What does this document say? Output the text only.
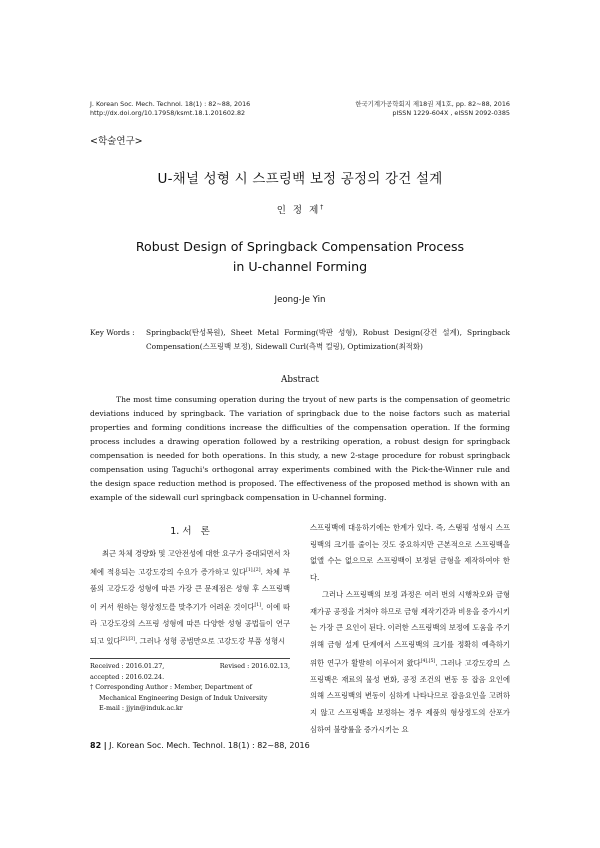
J. Korean Soc. Mech. Technol. 18(1) : 82~88, 2016
http://dx.doi.org/10.17958/ksmt.18.1.201602.82
한국기계가공학회지 제18권 제1호, pp. 82~88, 2016
pISSN 1229-604X , eISSN 2092-0385
<학술연구>
U-채널 성형 시 스프링백 보정 공정의 강건 설계
인 정 제†
Robust Design of Springback Compensation Process
in U-channel Forming
Jeong-Je Yin
Key Words :	Springback(탄성복원), Sheet Metal Forming(박판 성형), Robust Design(강건 설계), Springback Compensation(스프링백 보정), Sidewall Curl(측벽 컬링), Optimization(최적화)
Abstract

The most time consuming operation during the tryout of new parts is the compensation of geometric deviations induced by springback. The variation of springback due to the noise factors such as material properties and forming conditions increase the difficulties of the compensation operation. If the forming process includes a drawing operation followed by a restriking operation, a robust design for springback compensation is needed for both operations. In this study, a new 2-stage procedure for robust springback compensation using Taguchi's orthogonal array experiments combined with the Pick-the-Winner rule and the design space reduction method is proposed. The effectiveness of the proposed method is shown with an example of the sidewall curl springback compensation in U-channel forming.

1. 서   론

최근 차체 경량화 및 고안전성에 대한 요구가 증대되면서 차체에 적용되는 고강도강의 수요가 증가하고 있다[1],[2]. 차체 부품의 고강도강 성형에 따른 가장 큰 문제점은 성형 후 스프링백이 커서 원하는 형상정도를 맞추기가 어려운 것이다[1]. 이에 따라 고강도강의 스프링 성형에 따른 다양한 성형 공법들이 연구되고 있다[2],[3]. 그러나 성형 공법만으로 고강도강 부품 성형시

Received : 2016.01.27,	Revised : 2016.02.13,
accepted : 2016.02.24.
† Corresponding Author : Member, Department of
Mechanical Engineering Design of Induk University
E-mail : jjyin@induk.ac.kr

스프링백에 대응하기에는 한계가 있다. 즉, 스탬핑 성형시 스프링백의 크기를 줄이는 것도 중요하지만 근본적으로 스프링백을 없앨 수는 없으므로 스프링백이 보정된 금형을 제작하여야 한다.

그러나 스프링백의 보정 과정은 여러 번의 시행착오와 금형 재가공 공정을 거쳐야 하므로 금형 제작기간과 비용을 증가시키는 가장 큰 요인이 된다. 이러한 스프링백의 보정에 도움을 주기 위해 금형 설계 단계에서 스프링백의 크기를 정확히 예측하기 위한 연구가 활발히 이루어져 왔다[4],[5]. 그러나 고강도강의 스프링백은 재료의 물성 변화, 공정 조건의 변동 등 잡음 요인에 의해 스프링백의 변동이 심하게 나타나므로 잡음요인을 고려하지 않고 스프링백을 보정하는 경우 제품의 형상정도의 산포가 심하여 불량률을 증가시키는 요

82 | J. Korean Soc. Mech. Technol. 18(1) : 82~88, 2016
